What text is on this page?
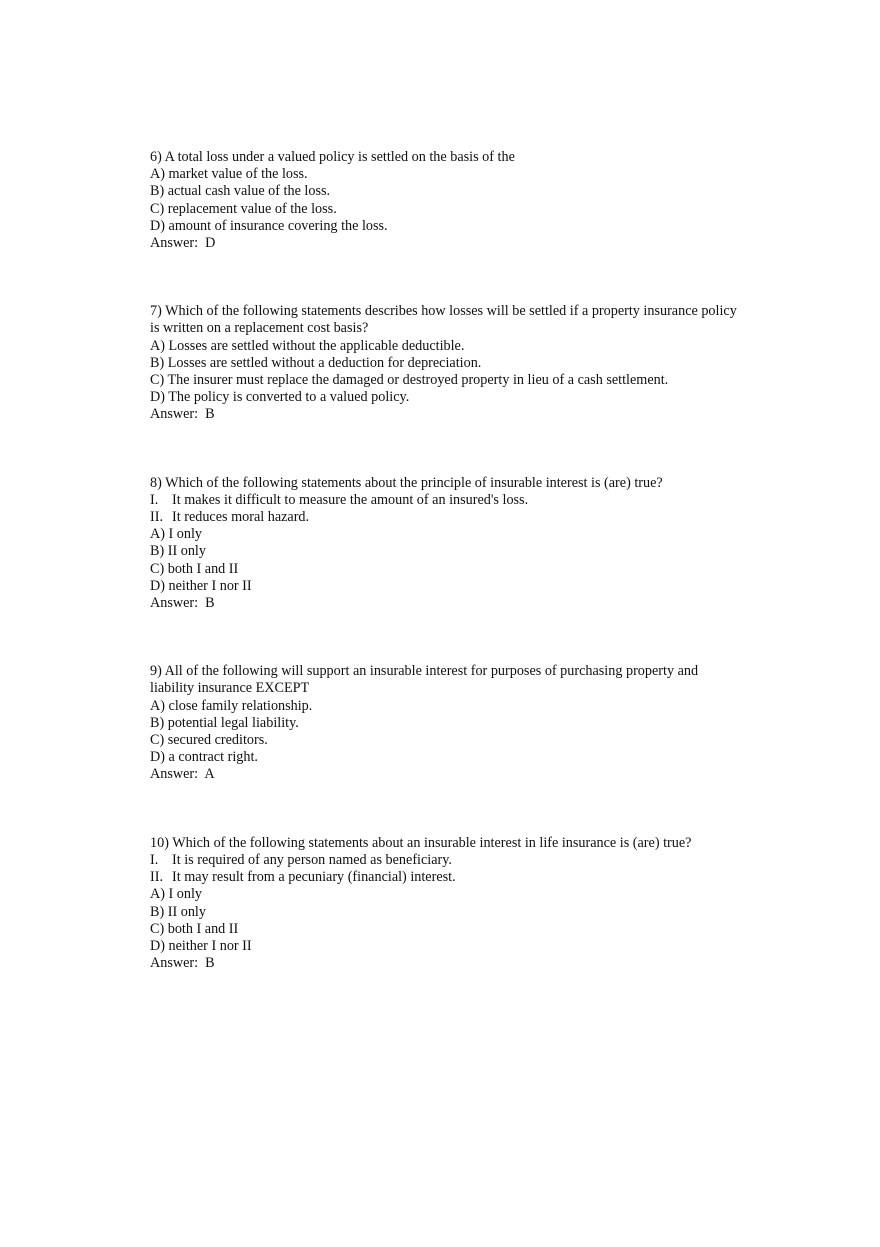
6) A total loss under a valued policy is settled on the basis of the
A) market value of the loss.
B) actual cash value of the loss.
C) replacement value of the loss.
D) amount of insurance covering the loss.
Answer:  D
7) Which of the following statements describes how losses will be settled if a property insurance policy is written on a replacement cost basis?
A) Losses are settled without the applicable deductible.
B) Losses are settled without a deduction for depreciation.
C) The insurer must replace the damaged or destroyed property in lieu of a cash settlement.
D) The policy is converted to a valued policy.
Answer:  B
8) Which of the following statements about the principle of insurable interest is (are) true?
I. It makes it difficult to measure the amount of an insured's loss.
II. It reduces moral hazard.
A) I only
B) II only
C) both I and II
D) neither I nor II
Answer:  B
9) All of the following will support an insurable interest for purposes of purchasing property and liability insurance EXCEPT
A) close family relationship.
B) potential legal liability.
C) secured creditors.
D) a contract right.
Answer:  A
10) Which of the following statements about an insurable interest in life insurance is (are) true?
I. It is required of any person named as beneficiary.
II. It may result from a pecuniary (financial) interest.
A) I only
B) II only
C) both I and II
D) neither I nor II
Answer:  B
